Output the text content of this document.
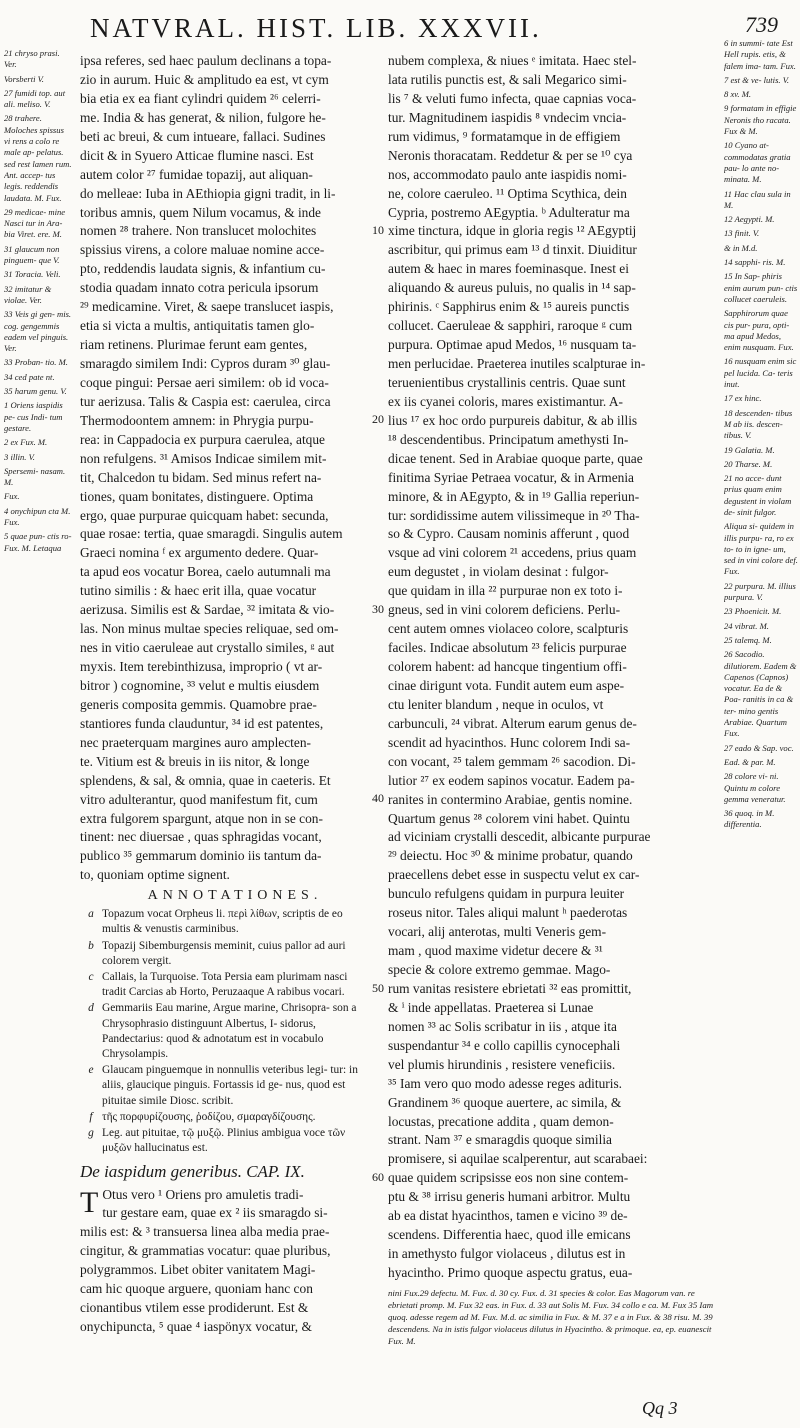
NATVRAL. HIST. LIB. XXXVII.	739
21 chryso prasi. Ver.
Vorsberti V.
27 fumidi top. aut ali. meliso. V.
28 trahere. Moloches spissus vi rens a colo re male ap- pelatus. sed rest lamen rum. Ant. accep- tus legis. reddendis laudata. M. Fux.
29 medicae- mine Nasci tur in Ara- bia Viret. ere. M.
31 glaucum non pinguem- que V.
31 Toracia. Veli.
32 imitatur & violae. Ver.
33 Veis gi gen- mis. cog. gengemmis eadem vel pinguis. Ver.
33 Proban- tio. M.
34 ced pate nt.
35 harum genu. V.
1 Oriens iaspidis pe- cus Indi- tum gestare.
2 ex Fux. M.
3 illin. V.
Spersemi- nasam. M.
Fux.
4 onychipun cta M. Fux.
5 quae pun- ctis ro- Fux. M. Letaqua
ipsa referes, sed haec paulum declinans a topa-
zio in aurum. Huic & amplitudo ea est, vt cym
bia etia ex ea fiant cylindri quidem ²⁶ celerri-
me. India & has generat, & nilion, fulgore he-
beti ac breui, & cum intueare, fallaci. Sudines
dicit & in Syuero Atticae flumine nasci. Est
autem color ²⁷ fumidae topazij, aut aliquan-
do melleae: Iuba in AEthiopia gigni tradit, in li-
toribus amnis, quem Nilum vocamus, & inde
nomen ²⁸ trahere. Non translucet molochites
spissius virens, a colore maluae nomine acce-
pto, reddendis laudata signis, & infantium cu-
stodia quadam innato cotra pericula ipsorum
²⁹ medicamine. Viret, & saepe translucet iaspis,
etia si victa a multis, antiquitatis tamen glo-
riam retinens. Plurimae ferunt eam gentes,
smaragdo similem Indi: Cypros duram ³⁰ glau-
coque pingui: Persae aeri similem: ob id voca-
tur aerizusa. Talis & Caspia est: caerulea, circa
Thermodoontem amnem: in Phrygia purpu-
rea: in Cappadocia ex purpura caerulea, atque
non refulgens. ³¹ Amisos Indicae similem mit-
tit, Chalcedon tu bidam. Sed minus refert na-
tiones, quam bonitates, distinguere. Optima
ergo, quae purpurae quicquam habet: secunda,
quae rosae: tertia, quae smaragdi. Singulis autem
Graeci nomina ᶠ ex argumento dedere. Quar-
ta apud eos vocatur Borea, caelo autumnali ma
tutino similis : & haec erit illa, quae vocatur
aerizusa. Similis est & Sardae, ³² imitata & vio-
las. Non minus multae species reliquae, sed om-
nes in vitio caeruleae aut crystallo similes, ᵍ aut
myxis. Item terebinthizusa, improprio ( vt ar-
bitror ) cognomine, ³³ velut e multis eiusdem
generis composita gemmis. Quamobre prae-
stantiores funda clauduntur, ³⁴ id est patentes,
nec praeterquam margines auro amplecten-
te. Vitium est & breuis in iis nitor, & longe
splendens, & sal, & omnia, quae in caeteris. Et
vitro adulterantur, quod manifestum fit, cum
extra fulgorem spargunt, atque non in se con-
tinent: nec diuersae , quas sphragidas vocant,
publico ³⁵ gemmarum dominio iis tantum da-
to, quoniam optime signent.
ANNOTATIONES.
a Topazum vocat Orpheus li. περὶ λίθων, scriptis de eo multis & venustis carminibus.
b Topazij Sibemburgensis meminit, cuius pallor ad auri colorem vergit.
c Callais, la Turquoise. Tota Persia eam plurimam nasci tradit Carcias ab Horto, Peruzaaque A rabibus vocari.
d Gemmariis Eau marine, Argue marine, Chrisopra- son a Chrysophrasio distinguunt Albertus, I- sidorus, Pandectarius: quod & adnotatum est in vocabulo Chrysolampis.
e Glaucam pinguemque in nonnullis veteribus legi- tur: in aliis, glaucique pinguis. Fortassis id ge- nus, quod est pituitae simile Diosc. scribit.
f τῆς πορφυρίζουσης, ῥοδίζου, σμαραγδίζουσης.
g Leg. aut pituitae, τῷ μυξῷ. Plinius ambigua voce τῶν μυξῶν hallucinatus est.
De iaspidum generibus. CAP. IX.
T Otus vero ¹ Oriens pro amuletis tradi-
tur gestare eam, quae ex ² iis smaragdo si-
milis est: & ³ transuersa linea alba media prae-
cingitur, & grammatias vocatur: quae pluribus,
polygrammos. Libet obiter vanitatem Magi-
cam hic quoque arguere, quoniam hanc con
cionantibus vtilem esse prodiderunt. Est &
onychipuncta, ⁵ quae ⁴ iaspönyx vocatur, &
10
20
30
40
50
60
nubem complexa, & niues ᵉ imitata. Haec stel-
lata rutilis punctis est, & sali Megarico simi-
lis ⁷ & veluti fumo infecta, quae capnias voca-
tur. Magnitudinem iaspidis ⁸ vndecim vncia-
rum vidimus, ⁹ formatamque in de effigiem
Neronis thoracatam. Reddetur & per se ¹⁰ cya
nos, accommodato paulo ante iaspidis nomi-
ne, colore caeruleo. ¹¹ Optima Scythica, dein
Cypria, postremo AEgyptia. ᵇ Adulteratur ma
xime tinctura, idque in gloria regis ¹² AEgyptij
ascribitur, qui primus eam ¹³ d tinxit. Diuiditur
autem & haec in mares foeminasque. Inest ei
aliquando & aureus puluis, no qualis in ¹⁴ sap-
phirinis. ᶜ Sapphirus enim & ¹⁵ aureis punctis
collucet. Caeruleae & sapphiri, raroque ᵍ cum
purpura. Optimae apud Medos, ¹⁶ nusquam ta-
men perlucidae. Praeterea inutiles scalpturae in-
teruenientibus crystallinis centris. Quae sunt
ex iis cyanei coloris, mares existimantur. A-
lius ¹⁷ ex hoc ordo purpureis dabitur, & ab illis
¹⁸ descendentibus. Principatum amethysti In-
dicae tenent. Sed in Arabiae quoque parte, quae
finitima Syriae Petraea vocatur, & in Armenia
minore, & in AEgypto, & in ¹⁹ Gallia reperiun-
tur: sordidissime autem vilissimeque in ²⁰ Tha-
so & Cypro. Causam nominis afferunt , quod
vsque ad vini colorem ²¹ accedens, prius quam
eum degustet , in violam desinat : fulgor-
que quidam in illa ²² purpurae non ex toto i-
gneus, sed in vini colorem deficiens. Perlu-
cent autem omnes violaceo colore, scalpturis
faciles. Indicae absolutum ²³ felicis purpurae
colorem habent: ad hancque tingentium offi-
cinae dirigunt vota. Fundit autem eum aspe-
ctu leniter blandum , neque in oculos, vt
carbunculi, ²⁴ vibrat. Alterum earum genus de-
scendit ad hyacinthos. Hunc colorem Indi sa-
con vocant, ²⁵ talem gemmam ²⁶ sacodion. Di-
lutior ²⁷ ex eodem sapinos vocatur. Eadem pa-
ranites in contermino Arabiae, gentis nomine.
Quartum genus ²⁸ colorem vini habet. Quintu
ad viciniam crystalli descedit, albicante purpurae
²⁹ deiectu. Hoc ³⁰ & minime probatur, quando
praecellens debet esse in suspectu velut ex car-
bunculo refulgens quidam in purpura leuiter
roseus nitor. Tales aliqui malunt ʰ paederotas
vocari, alij anterotas, multi Veneris gem-
mam , quod maxime videtur decere & ³¹
specie & colore extremo gemmae. Mago-
rum vanitas resistere ebrietati ³² eas promittit,
& ⁱ inde appellatas. Praeterea si Lunae
nomen ³³ ac Solis scribatur in iis , atque ita
suspendantur ³⁴ e collo capillis cynocephali
vel plumis hirundinis , resistere veneficiis.
³⁵ Iam vero quo modo adesse reges adituris.
Grandinem ³⁶ quoque auertere, ac simila, &
locustas, precatione addita , quam demon-
strant. Nam ³⁷ e smaragdis quoque similia
promisere, si aquilae scalperentur, aut scarabaei:
quae quidem scripsisse eos non sine contem-
ptu & ³⁸ irrisu generis humani arbitror. Multu
ab ea distat hyacinthos, tamen e vicino ³⁹ de-
scendens. Differentia haec, quod ille emicans
in amethysto fulgor violaceus , dilutus est in
hyacintho. Primo quoque aspectu gratus, eua-
nini Fux.29 defectu. M. Fux. d. 30 cy. Fux. d. 31 species & color. Eas Magorum van. re ebrietati promp. M. Fux 32 eas. in Fux. d. 33 aut Solis M. Fux. 34 collo e ca. M. Fux 35 Iam quoq. adesse regem ad M. Fux. M.d. ac similia in Fux. & M. 37 e a in Fux. & 38 risu. M. 39 descendens. Na in istis fulgor violaceus dilutus in Hyacintho. & primoque. ea, ep. euanescit Fux. M.
6 in summi- tate Est Hell rupis. etis, & falem ima- tam. Fux.
7 est & ve- lutis. V.
8 xv. M.
9 formatam in effigie Neronis tho racata. Fux & M.
10 Cyano at- commodatas gratia pau- lo ante no- minata. M.
11 Hac clau sula in M.
12 Aegypti. M.
13 finit. V.
& in M.d.
14 sapphi- ris. M.
15 In Sap- phiris enim aurum pun- ctis collucet caeruleis.
Sapphirorum quae cis pur- pura, opti- ma apud Medos, enim nusquam. Fux.
16 nusquam enim sic pel lucida. Ca- teris inut.
17 ex hinc.
18 descenden- tibus M ab iis. descen- tibus. V.
19 Galatia. M.
20 Tharse. M.
21 no acce- dunt prius quam enim degustent in violam de- sinit fulgor.
Aliqua si- quidem in illis purpu- ra, ro ex to- to in igne- um, sed in vini colore def. Fux.
22 purpura. M. illius purpura. V.
23 Phoenicit. M.
24 vibrat. M.
25 talemq. M.
26 Sacodio. dilutiorem. Eadem & Capenos (Capnos) vocatur. Ea de & Poa- ranitis in ca & ter- mino gentis Arabiae. Quartum Fux.
27 eado & Sap. voc.
Ead. & par. M.
28 colore vi- ni. Quintu m colore gemma veneratur.
36 quoq. in M. differentia.
Qq 3
